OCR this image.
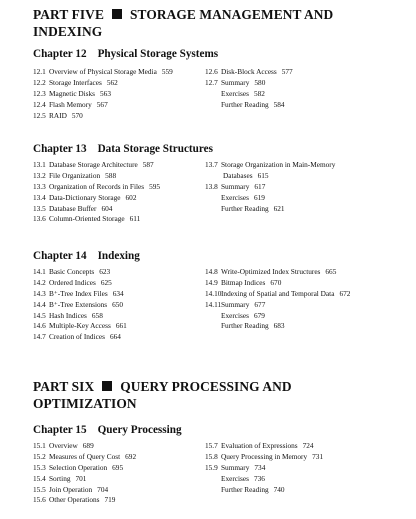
PART FIVE STORAGE MANAGEMENT AND
INDEXING
Chapter 12 Physical Storage Systems
12.1 Overview of Physical Storage Media 559
12.2 Storage Interfaces 562
12.3 Magnetic Disks 563
12.4 Flash Memory 567
12.5 RAID 570
12.6 Disk-Block Access 577
12.7 Summary 580
Exercises 582
Further Reading 584
Chapter 13 Data Storage Structures
13.1 Database Storage Architecture 587
13.2 File Organization 588
13.3 Organization of Records in Files 595
13.4 Data-Dictionary Storage 602
13.5 Database Buffer 604
13.6 Column-Oriented Storage 611
13.7 Storage Organization in Main-Memory
Databases 615
13.8 Summary 617
Exercises 619
Further Reading 621
Chapter 14 Indexing
14.1 Basic Concepts 623
14.2 Ordered Indices 625
14.3 B⁺-Tree Index Files 634
14.4 B⁺-Tree Extensions 650
14.5 Hash Indices 658
14.6 Multiple-Key Access 661
14.7 Creation of Indices 664
14.8 Write-Optimized Index Structures 665
14.9 Bitmap Indices 670
14.10Indexing of Spatial and Temporal Data 672
14.11Summary 677
Exercises 679
Further Reading 683
PART SIX QUERY PROCESSING AND
OPTIMIZATION
Chapter 15 Query Processing
15.1 Overview 689
15.2 Measures of Query Cost 692
15.3 Selection Operation 695
15.4 Sorting 701
15.5 Join Operation 704
15.6 Other Operations 719
15.7 Evaluation of Expressions 724
15.8 Query Processing in Memory 731
15.9 Summary 734
Exercises 736
Further Reading 740
